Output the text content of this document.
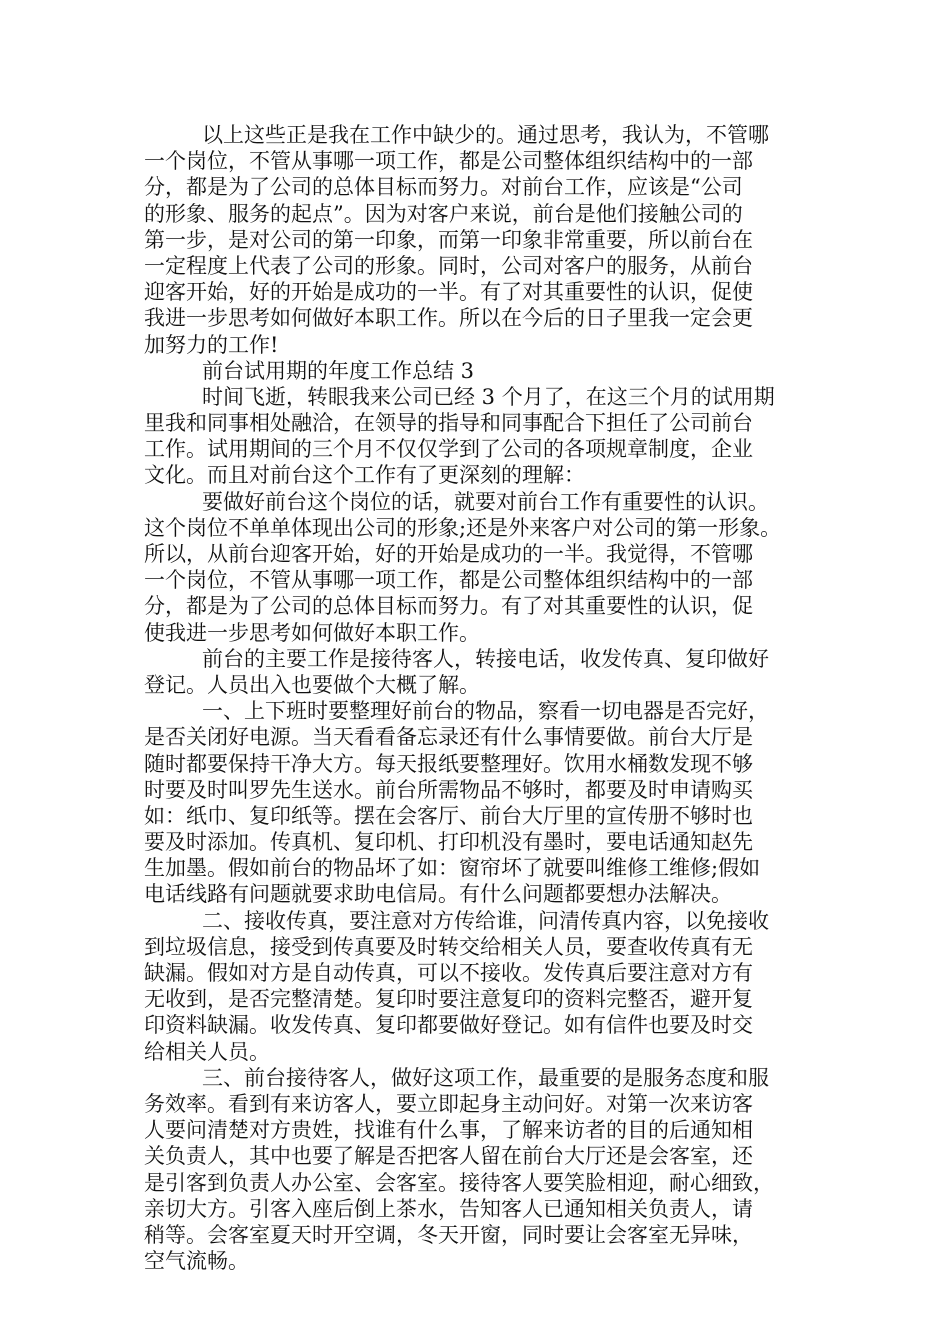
以上这些正是我在工作中缺少的。通过思考，我认为，不管哪
一个岗位，不管从事哪一项工作，都是公司整体组织结构中的一部
分，都是为了公司的总体目标而努力。对前台工作，应该是“公司
的形象、服务的起点”。因为对客户来说，前台是他们接触公司的
第一步，是对公司的第一印象，而第一印象非常重要，所以前台在
一定程度上代表了公司的形象。同时，公司对客户的服务，从前台
迎客开始，好的开始是成功的一半。有了对其重要性的认识，促使
我进一步思考如何做好本职工作。所以在今后的日子里我一定会更
加努力的工作!
前台试用期的年度工作总结 3
时间飞逝，转眼我来公司已经 3 个月了，在这三个月的试用期
里我和同事相处融洽，在领导的指导和同事配合下担任了公司前台
工作。试用期间的三个月不仅仅学到了公司的各项规章制度，企业
文化。而且对前台这个工作有了更深刻的理解：
要做好前台这个岗位的话，就要对前台工作有重要性的认识。
这个岗位不单单体现出公司的形象;还是外来客户对公司的第一形象。
所以，从前台迎客开始，好的开始是成功的一半。我觉得，不管哪
一个岗位，不管从事哪一项工作，都是公司整体组织结构中的一部
分，都是为了公司的总体目标而努力。有了对其重要性的认识，促
使我进一步思考如何做好本职工作。
前台的主要工作是接待客人，转接电话，收发传真、复印做好
登记。人员出入也要做个大概了解。
一、上下班时要整理好前台的物品，察看一切电器是否完好，
是否关闭好电源。当天看看备忘录还有什么事情要做。前台大厅是
随时都要保持干净大方。每天报纸要整理好。饮用水桶数发现不够
时要及时叫罗先生送水。前台所需物品不够时，都要及时申请购买
如：纸巾、复印纸等。摆在会客厅、前台大厅里的宣传册不够时也
要及时添加。传真机、复印机、打印机没有墨时，要电话通知赵先
生加墨。假如前台的物品坏了如：窗帘坏了就要叫维修工维修;假如
电话线路有问题就要求助电信局。有什么问题都要想办法解决。
二、接收传真，要注意对方传给谁，问清传真内容，以免接收
到垃圾信息，接受到传真要及时转交给相关人员，要查收传真有无
缺漏。假如对方是自动传真，可以不接收。发传真后要注意对方有
无收到，是否完整清楚。复印时要注意复印的资料完整否，避开复
印资料缺漏。收发传真、复印都要做好登记。如有信件也要及时交
给相关人员。
三、前台接待客人，做好这项工作，最重要的是服务态度和服
务效率。看到有来访客人，要立即起身主动问好。对第一次来访客
人要问清楚对方贵姓，找谁有什么事，了解来访者的目的后通知相
关负责人，其中也要了解是否把客人留在前台大厅还是会客室，还
是引客到负责人办公室、会客室。接待客人要笑脸相迎，耐心细致，
亲切大方。引客入座后倒上茶水，告知客人已通知相关负责人，请
稍等。会客室夏天时开空调，冬天开窗，同时要让会客室无异味，
空气流畅。
